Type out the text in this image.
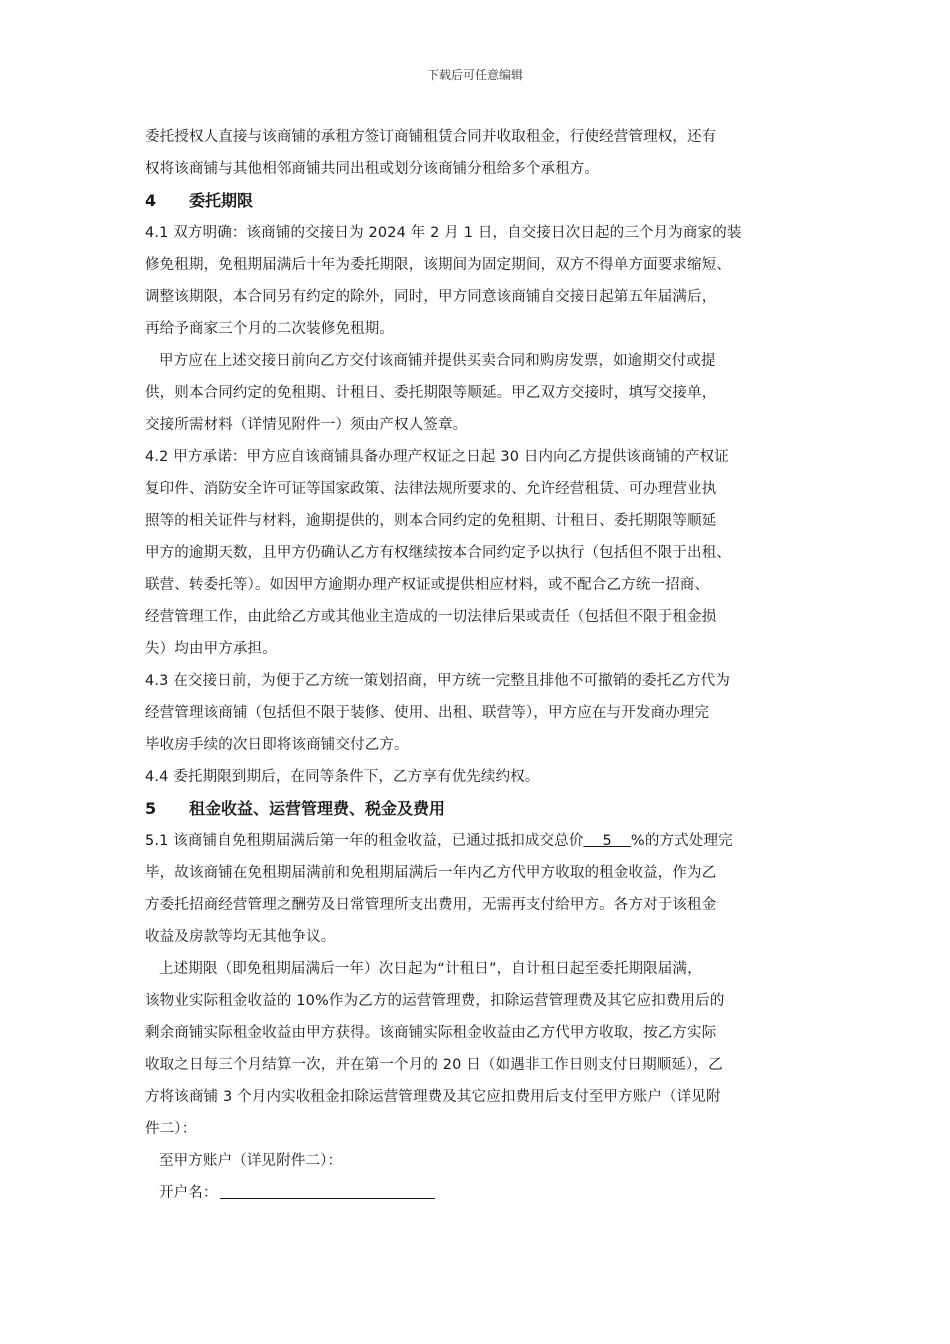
下载后可任意编辑
委托授权人直接与该商铺的承租方签订商铺租赁合同并收取租金，行使经营管理权，还有
权将该商铺与其他相邻商铺共同出租或划分该商铺分租给多个承租方。
4 委托期限
4.1 双方明确：该商铺的交接日为 2024 年 2 月 1 日，自交接日次日起的三个月为商家的装
修免租期，免租期届满后十年为委托期限，该期间为固定期间，双方不得单方面要求缩短、
调整该期限，本合同另有约定的除外，同时，甲方同意该商铺自交接日起第五年届满后，
再给予商家三个月的二次装修免租期。
甲方应在上述交接日前向乙方交付该商铺并提供买卖合同和购房发票，如逾期交付或提
供，则本合同约定的免租期、计租日、委托期限等顺延。甲乙双方交接时，填写交接单，
交接所需材料（详情见附件一）须由产权人签章。
4.2 甲方承诺：甲方应自该商铺具备办理产权证之日起 30 日内向乙方提供该商铺的产权证
复印件、消防安全许可证等国家政策、法律法规所要求的、允许经营租赁、可办理营业执
照等的相关证件与材料，逾期提供的，则本合同约定的免租期、计租日、委托期限等顺延
甲方的逾期天数，且甲方仍确认乙方有权继续按本合同约定予以执行（包括但不限于出租、
联营、转委托等）。如因甲方逾期办理产权证或提供相应材料，或不配合乙方统一招商、
经营管理工作，由此给乙方或其他业主造成的一切法律后果或责任（包括但不限于租金损
失）均由甲方承担。
4.3 在交接日前，为便于乙方统一策划招商，甲方统一完整且排他不可撤销的委托乙方代为
经营管理该商铺（包括但不限于装修、使用、出租、联营等），甲方应在与开发商办理完
毕收房手续的次日即将该商铺交付乙方。
4.4 委托期限到期后，在同等条件下，乙方享有优先续约权。
5 租金收益、运营管理费、税金及费用
5.1 该商铺自免租期届满后第一年的租金收益，已通过抵扣成交总价    5    %的方式处理完
毕，故该商铺在免租期届满前和免租期届满后一年内乙方代甲方收取的租金收益，作为乙
方委托招商经营管理之酬劳及日常管理所支出费用，无需再支付给甲方。各方对于该租金
收益及房款等均无其他争议。
上述期限（即免租期届满后一年）次日起为“计租日”，自计租日起至委托期限届满，
该物业实际租金收益的 10%作为乙方的运营管理费，扣除运营管理费及其它应扣费用后的
剩余商铺实际租金收益由甲方获得。该商铺实际租金收益由乙方代甲方收取，按乙方实际
收取之日每三个月结算一次，并在第一个月的 20 日（如遇非工作日则支付日期顺延），乙
方将该商铺 3 个月内实收租金扣除运营管理费及其它应扣费用后支付至甲方账户（详见附
件二）：
至甲方账户（详见附件二）：
开户名：
